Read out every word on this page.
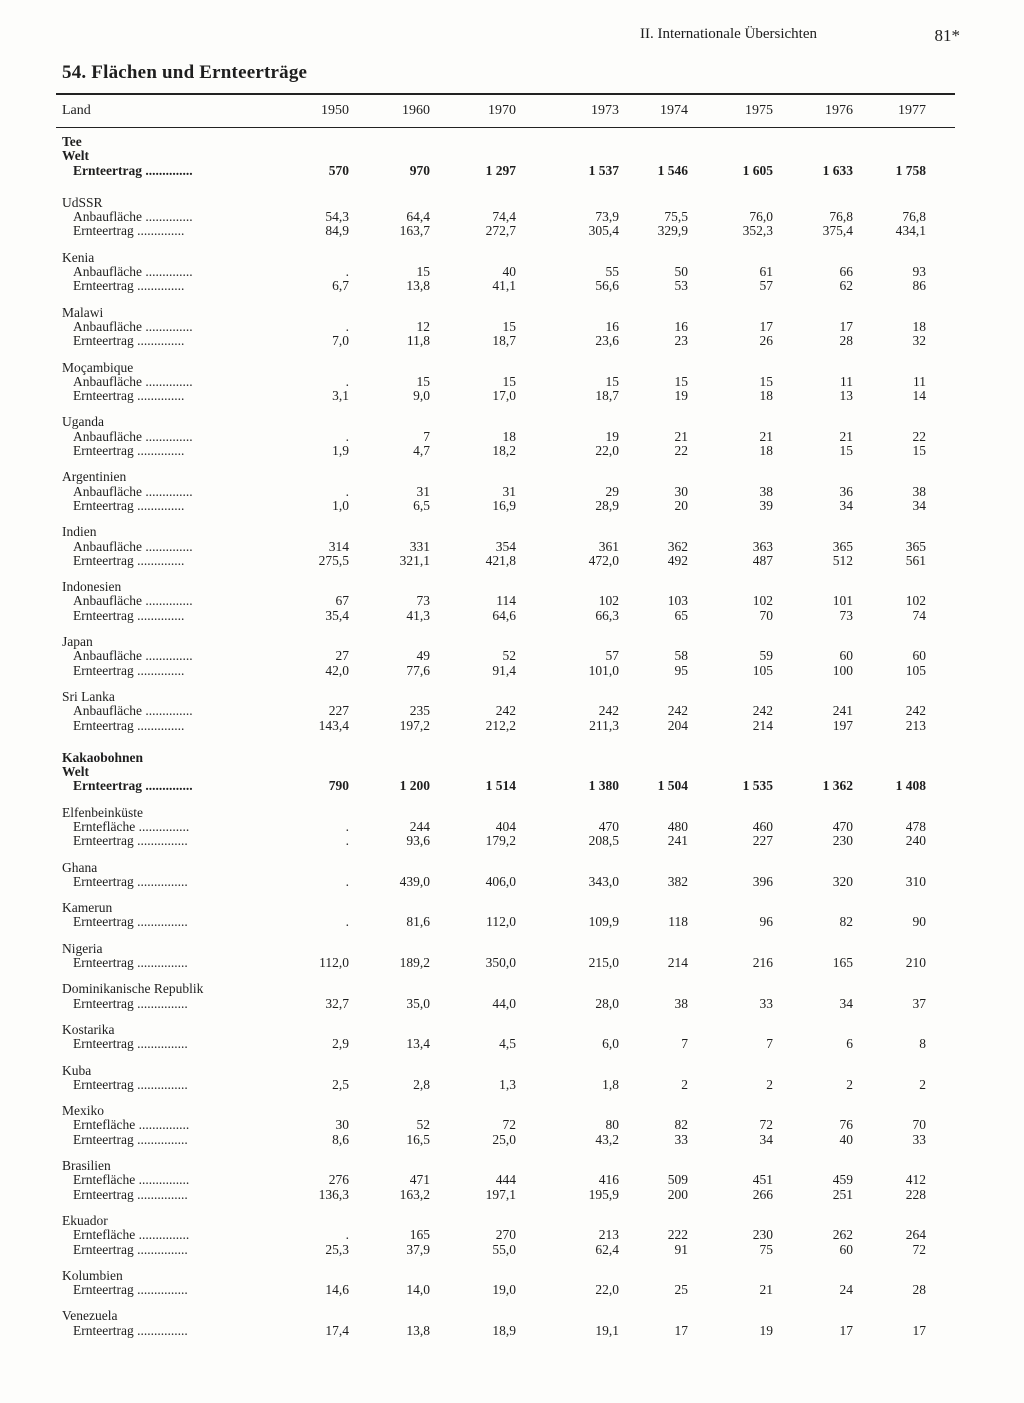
II. Internationale Übersichten	81*
54. Flächen und Ernteerträge
Land	1950	1960	1970	1973	1974	1975	1976	1977
Tee
Welt
Ernteertrag ..............	570	970	1 297	1 537	1 546	1 605	1 633	1 758
UdSSR
Anbaufläche ..............	54,3	64,4	74,4	73,9	75,5	76,0	76,8	76,8
Ernteertrag ..............	84,9	163,7	272,7	305,4	329,9	352,3	375,4	434,1
Kenia
Anbaufläche ..............	.	15	40	55	50	61	66	93
Ernteertrag ..............	6,7	13,8	41,1	56,6	53	57	62	86
Malawi
Anbaufläche ..............	.	12	15	16	16	17	17	18
Ernteertrag ..............	7,0	11,8	18,7	23,6	23	26	28	32
Moçambique
Anbaufläche ..............	.	15	15	15	15	15	11	11
Ernteertrag ..............	3,1	9,0	17,0	18,7	19	18	13	14
Uganda
Anbaufläche ..............	.	7	18	19	21	21	21	22
Ernteertrag ..............	1,9	4,7	18,2	22,0	22	18	15	15
Argentinien
Anbaufläche ..............	.	31	31	29	30	38	36	38
Ernteertrag ..............	1,0	6,5	16,9	28,9	20	39	34	34
Indien
Anbaufläche ..............	314	331	354	361	362	363	365	365
Ernteertrag ..............	275,5	321,1	421,8	472,0	492	487	512	561
Indonesien
Anbaufläche ..............	67	73	114	102	103	102	101	102
Ernteertrag ..............	35,4	41,3	64,6	66,3	65	70	73	74
Japan
Anbaufläche ..............	27	49	52	57	58	59	60	60
Ernteertrag ..............	42,0	77,6	91,4	101,0	95	105	100	105
Sri Lanka
Anbaufläche ..............	227	235	242	242	242	242	241	242
Ernteertrag ..............	143,4	197,2	212,2	211,3	204	214	197	213
Kakaobohnen
Welt
Ernteertrag ..............	790	1 200	1 514	1 380	1 504	1 535	1 362	1 408
Elfenbeinküste
Erntefläche ...............	.	244	404	470	480	460	470	478
Ernteertrag ...............	.	93,6	179,2	208,5	241	227	230	240
Ghana
Ernteertrag ...............	.	439,0	406,0	343,0	382	396	320	310
Kamerun
Ernteertrag ...............	.	81,6	112,0	109,9	118	96	82	90
Nigeria
Ernteertrag ...............	112,0	189,2	350,0	215,0	214	216	165	210
Dominikanische Republik
Ernteertrag ...............	32,7	35,0	44,0	28,0	38	33	34	37
Kostarika
Ernteertrag ...............	2,9	13,4	4,5	6,0	7	7	6	8
Kuba
Ernteertrag ...............	2,5	2,8	1,3	1,8	2	2	2	2
Mexiko
Erntefläche ...............	30	52	72	80	82	72	76	70
Ernteertrag ...............	8,6	16,5	25,0	43,2	33	34	40	33
Brasilien
Erntefläche ...............	276	471	444	416	509	451	459	412
Ernteertrag ...............	136,3	163,2	197,1	195,9	200	266	251	228
Ekuador
Erntefläche ...............	.	165	270	213	222	230	262	264
Ernteertrag ...............	25,3	37,9	55,0	62,4	91	75	60	72
Kolumbien
Ernteertrag ...............	14,6	14,0	19,0	22,0	25	21	24	28
Venezuela
Ernteertrag ...............	17,4	13,8	18,9	19,1	17	19	17	17
